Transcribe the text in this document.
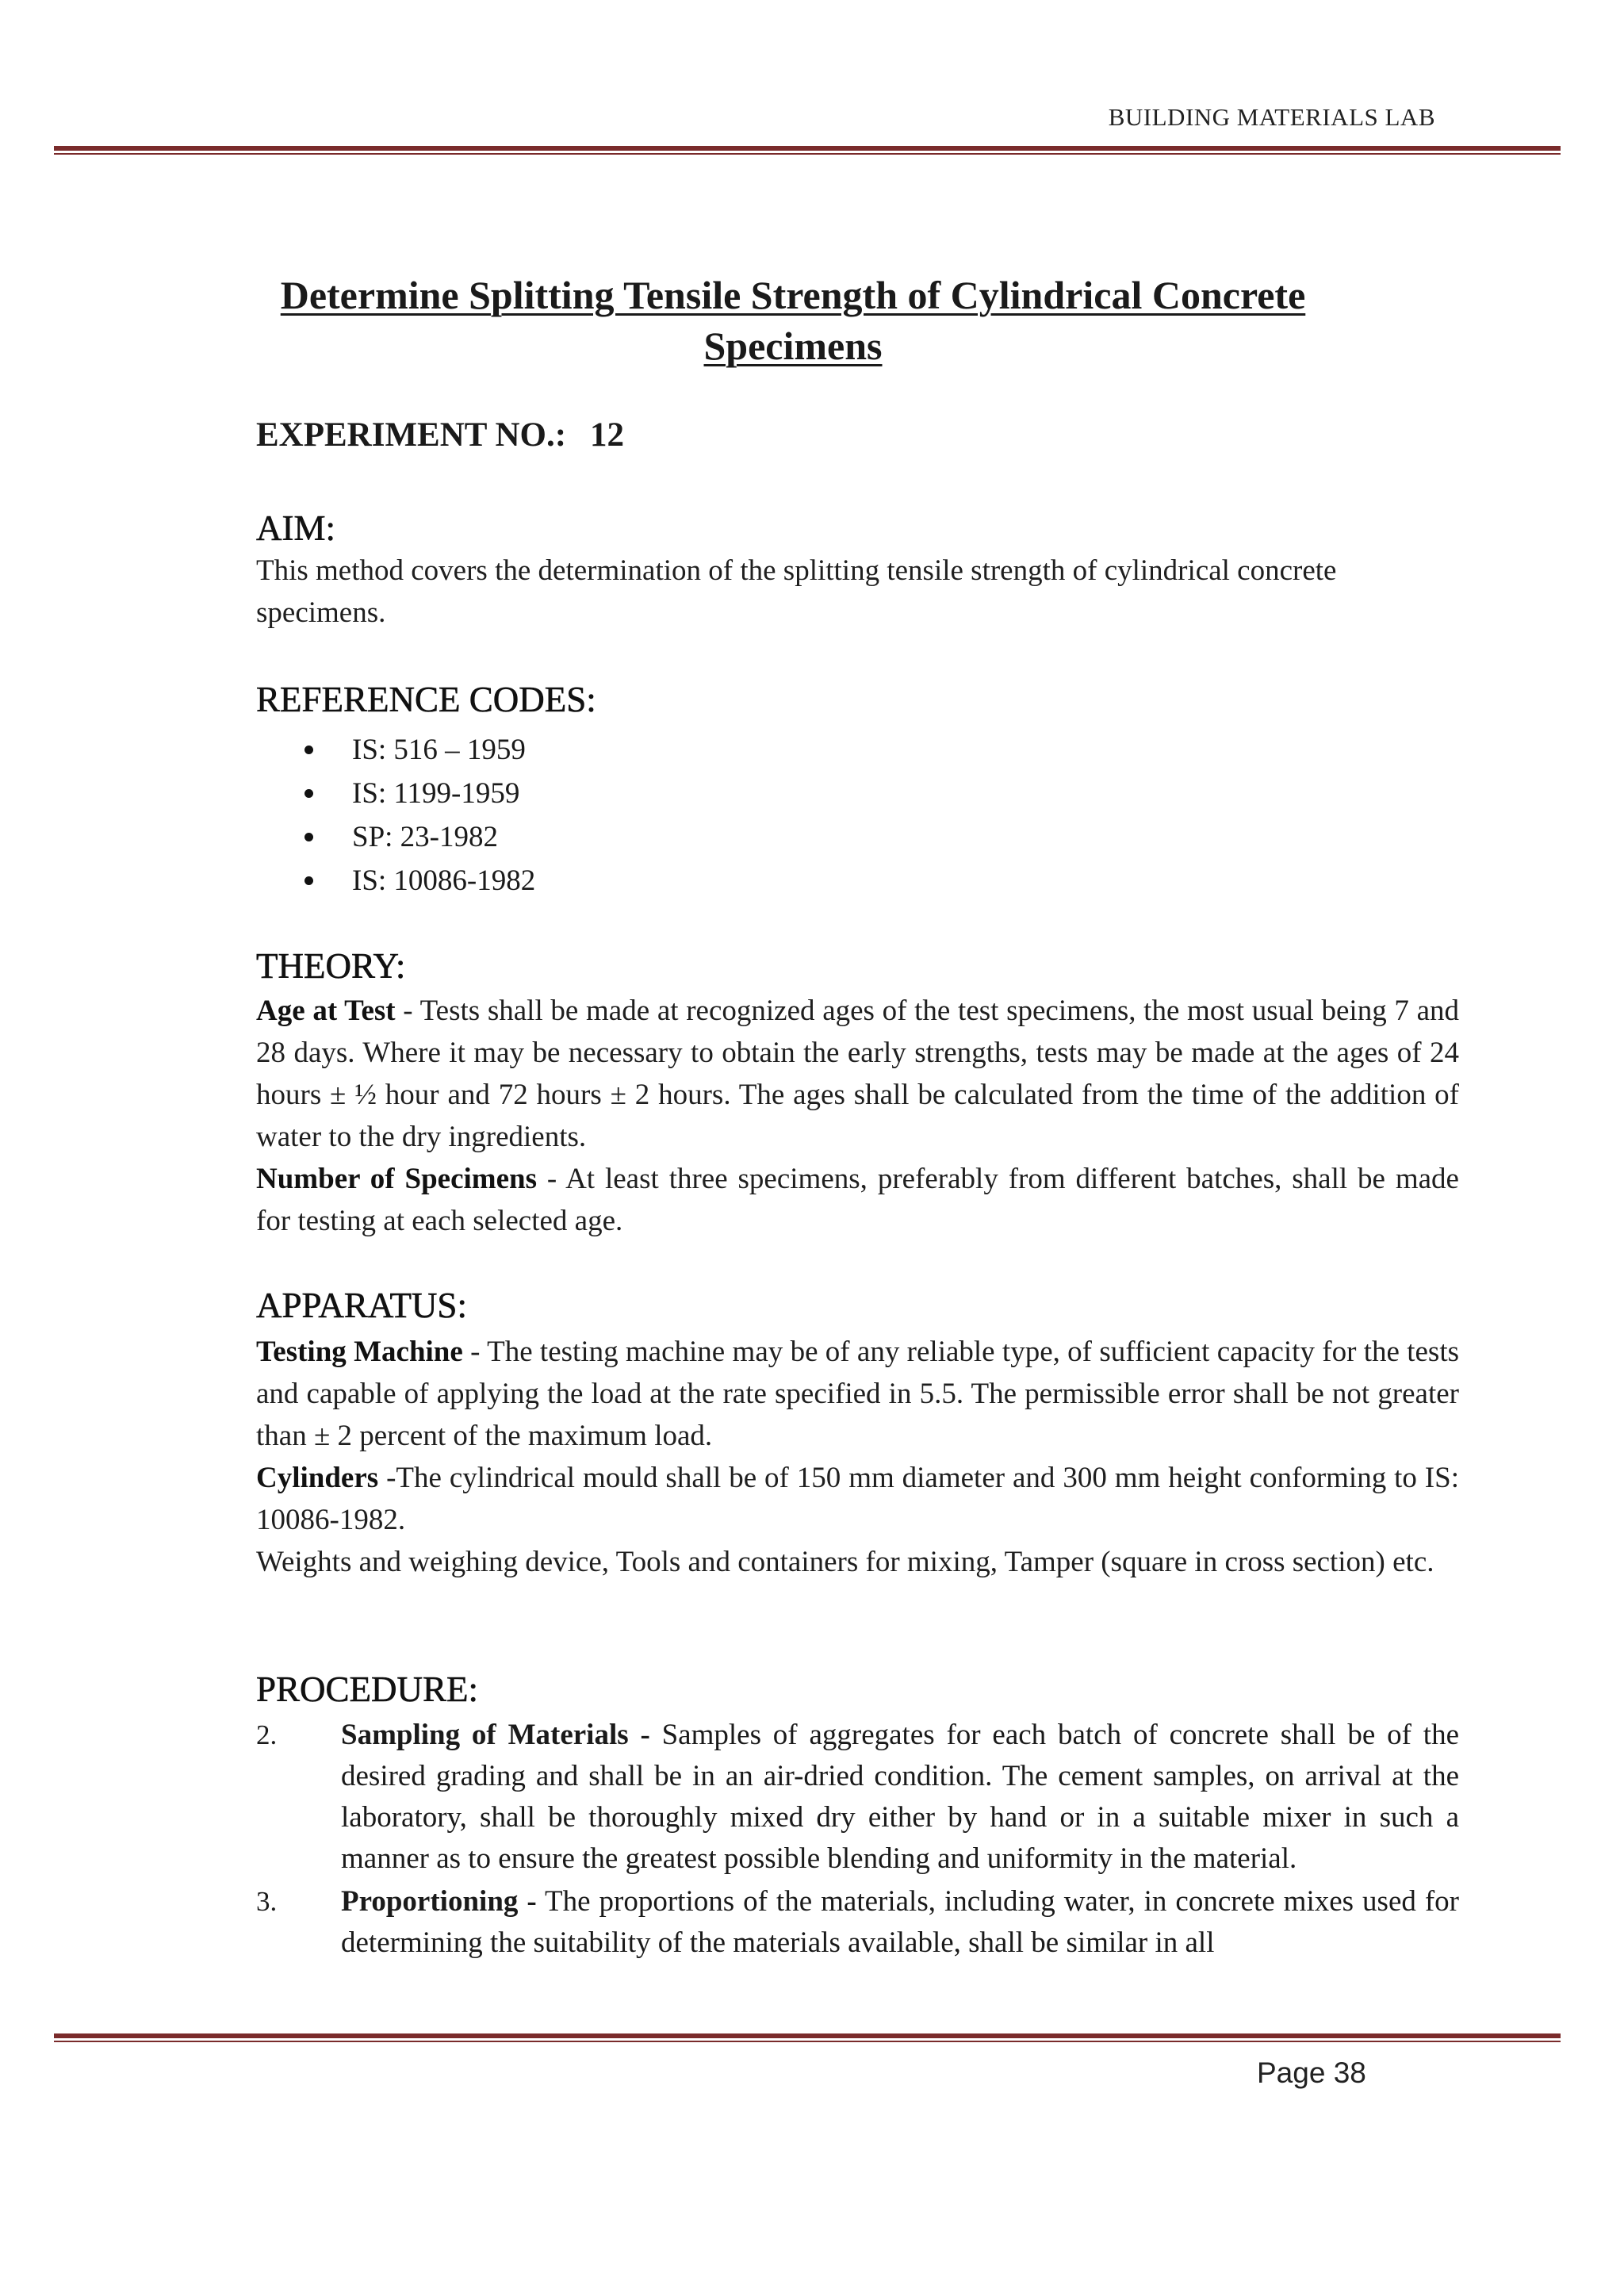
BUILDING MATERIALS LAB
Determine Splitting Tensile Strength of Cylindrical Concrete
Specimens
EXPERIMENT NO.: 12
AIM:
This method covers the determination of the splitting tensile strength of cylindrical concrete specimens.
REFERENCE CODES:
IS: 516 – 1959
IS: 1199-1959
SP: 23-1982
IS: 10086-1982
THEORY:
Age at Test - Tests shall be made at recognized ages of the test specimens, the most usual being 7 and 28 days. Where it may be necessary to obtain the early strengths, tests may be made at the ages of 24 hours ± ½ hour and 72 hours ± 2 hours. The ages shall be calculated from the time of the addition of water to the dry ingredients.
Number of Specimens - At least three specimens, preferably from different batches, shall be made for testing at each selected age.
APPARATUS:
Testing Machine - The testing machine may be of any reliable type, of sufficient capacity for the tests and capable of applying the load at the rate specified in 5.5. The permissible error shall be not greater than ± 2 percent of the maximum load.
Cylinders -The cylindrical mould shall be of 150 mm diameter and 300 mm height conforming to IS: 10086-1982.
Weights and weighing device, Tools and containers for mixing, Tamper (square in cross section) etc.
PROCEDURE:
2. Sampling of Materials - Samples of aggregates for each batch of concrete shall be of the desired grading and shall be in an air-dried condition. The cement samples, on arrival at the laboratory, shall be thoroughly mixed dry either by hand or in a suitable mixer in such a manner as to ensure the greatest possible blending and uniformity in the material.
3. Proportioning - The proportions of the materials, including water, in concrete mixes used for determining the suitability of the materials available, shall be similar in all
Page 38
